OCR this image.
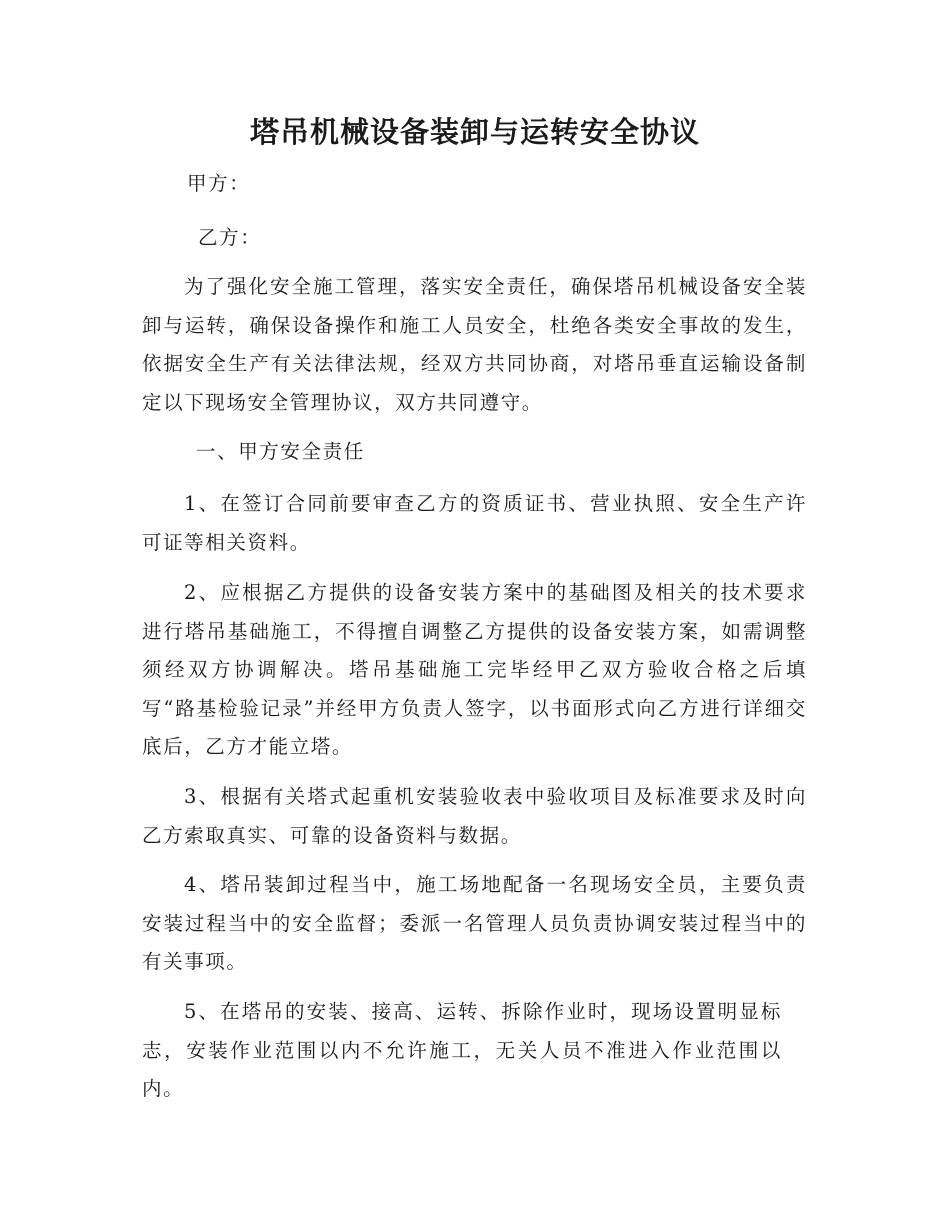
塔吊机械设备装卸与运转安全协议

甲方：

乙方：

为了强化安全施工管理，落实安全责任，确保塔吊机械设备安全装卸与运转，确保设备操作和施工人员安全，杜绝各类安全事故的发生，依据安全生产有关法律法规，经双方共同协商，对塔吊垂直运输设备制定以下现场安全管理协议，双方共同遵守。

一、甲方安全责任

1、在签订合同前要审查乙方的资质证书、营业执照、安全生产许可证等相关资料。

2、应根据乙方提供的设备安装方案中的基础图及相关的技术要求进行塔吊基础施工，不得擅自调整乙方提供的设备安装方案，如需调整须经双方协调解决。塔吊基础施工完毕经甲乙双方验收合格之后填写“路基检验记录”并经甲方负责人签字，以书面形式向乙方进行详细交底后，乙方才能立塔。

3、根据有关塔式起重机安装验收表中验收项目及标准要求及时向乙方索取真实、可靠的设备资料与数据。

4、塔吊装卸过程当中，施工场地配备一名现场安全员，主要负责安装过程当中的安全监督；委派一名管理人员负责协调安装过程当中的有关事项。

5、在塔吊的安装、接高、运转、拆除作业时，现场设置明显标志，安装作业范围以内不允许施工，无关人员不准进入作业范围以内。
